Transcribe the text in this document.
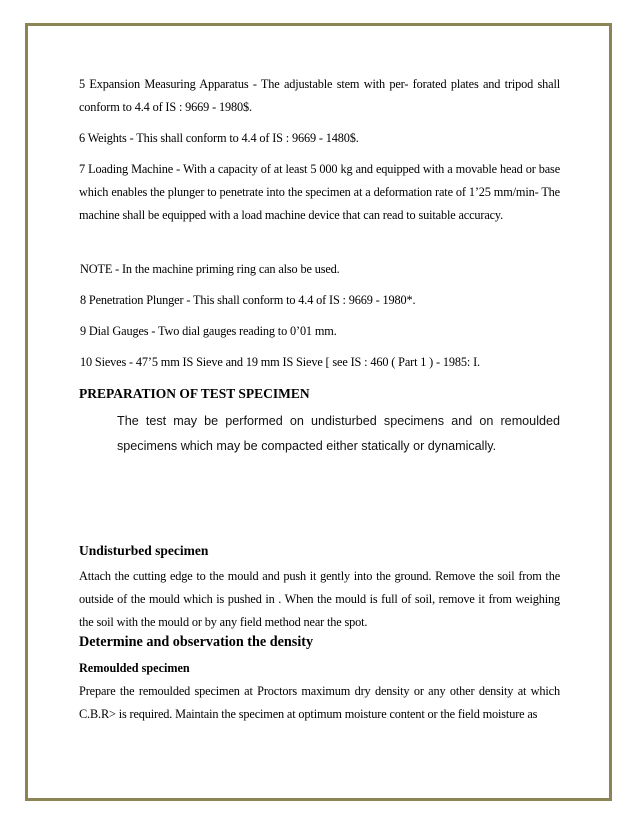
5 Expansion Measuring Apparatus - The adjustable stem with per- forated plates and tripod shall conform to 4.4 of IS : 9669 - 1980$.
6 Weights - This shall conform to 4.4 of IS : 9669 - 1480$.
7 Loading Machine - With a capacity of at least 5 000 kg and equipped with a movable head or base which enables the plunger to penetrate into the specimen at a deformation rate of 1’25 mm/min- The machine shall be equipped with a load machine device that can read to suitable accuracy.
NOTE - In the machine priming ring can also be used.
8 Penetration Plunger - This shall conform to 4.4 of IS : 9669 - 1980*.
9 Dial Gauges - Two dial gauges reading to 0’01 mm.
10 Sieves - 47’5 mm IS Sieve and 19 mm IS Sieve [ see IS : 460 ( Part 1 ) - 1985: I.
PREPARATION OF TEST SPECIMEN
The test may be performed on undisturbed specimens and on remoulded specimens which may be compacted either statically or dynamically.
Undisturbed specimen
Attach the cutting edge to the mould and push it gently into the ground. Remove the soil from the outside of the mould which is pushed in . When the mould is full of soil, remove it from weighing the soil with the mould or by any field method near the spot.
Determine and observation the density
Remoulded specimen
Prepare the remoulded specimen at Proctors maximum dry density or any other density at which C.B.R> is required. Maintain the specimen at optimum moisture content or the field moisture as
